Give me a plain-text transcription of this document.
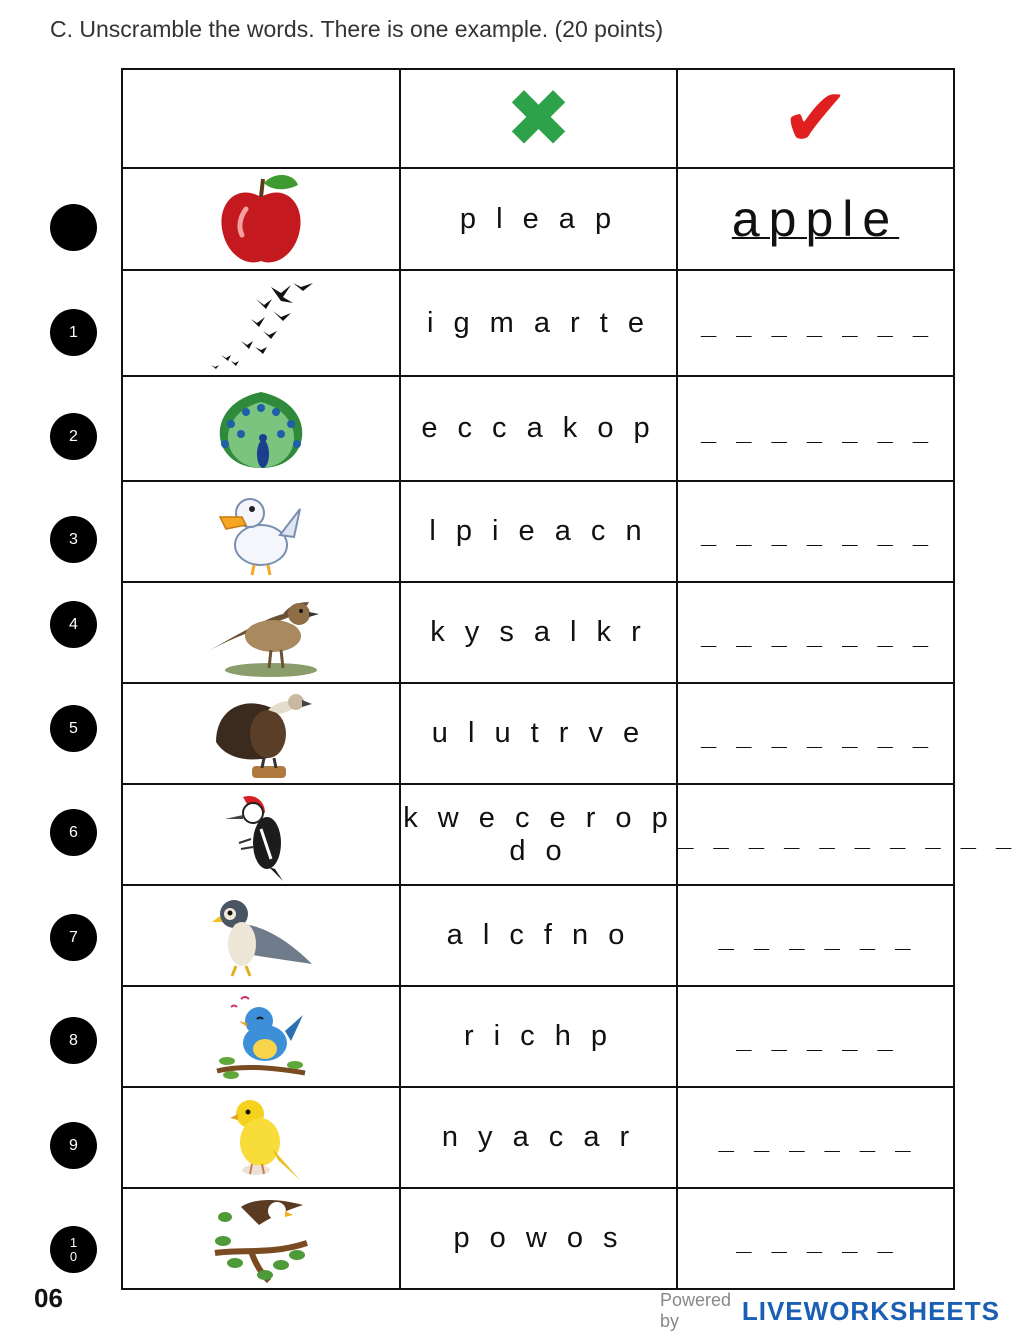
C. Unscramble the words. There is one example. (20 points)
	✖	✔

	p l e a p	apple

	i g m a r t e	_ _ _ _ _ _ _

	e c c a k o p	_ _ _ _ _ _ _

	l p i e a c n	_ _ _ _ _ _ _

	k y s a l k r	_ _ _ _ _ _ _

	u l u t r v e	_ _ _ _ _ _ _

	k w e c e r o p d o	_ _ _ _ _ _ _ _ _ _

	a l c f n o	_ _ _ _ _ _

	r i c h p	_ _ _ _ _

	n y a c a r	_ _ _ _ _ _

	p o w o s	_ _ _ _ _
1
2
3
4
5
6
7
8
9
1
0
06	Powered by	LIVEWORKSHEETS
